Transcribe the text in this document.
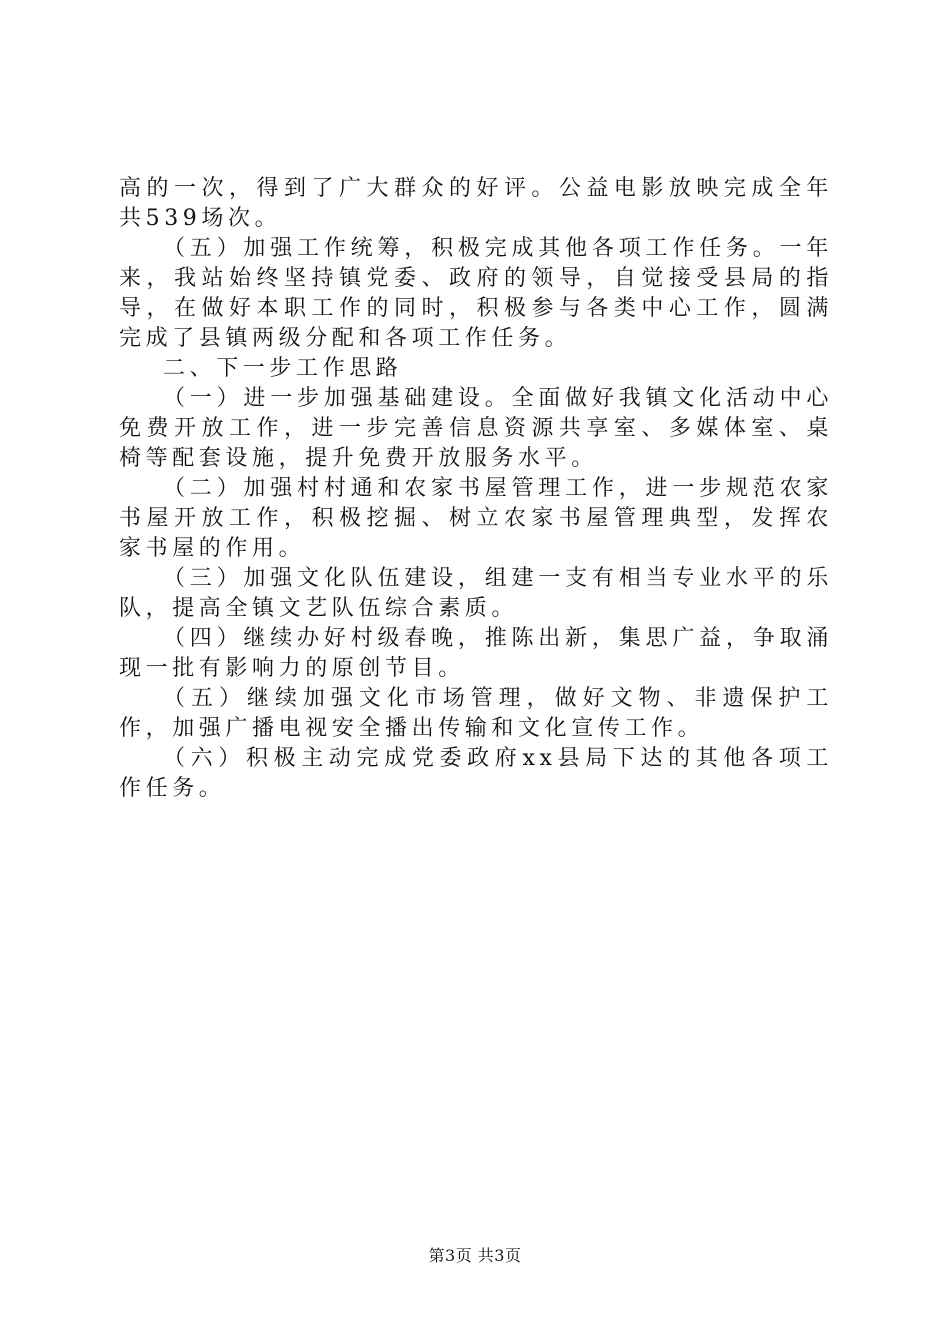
高的一次，得到了广大群众的好评。公益电影放映完成全年共539场次。

（五）加强工作统筹，积极完成其他各项工作任务。一年来，我站始终坚持镇党委、政府的领导，自觉接受县局的指导，在做好本职工作的同时，积极参与各类中心工作，圆满完成了县镇两级分配和各项工作任务。

二、下一步工作思路

（一）进一步加强基础建设。全面做好我镇文化活动中心免费开放工作，进一步完善信息资源共享室、多媒体室、桌椅等配套设施，提升免费开放服务水平。

（二）加强村村通和农家书屋管理工作，进一步规范农家书屋开放工作，积极挖掘、树立农家书屋管理典型，发挥农家书屋的作用。

（三）加强文化队伍建设，组建一支有相当专业水平的乐队，提高全镇文艺队伍综合素质。

（四）继续办好村级春晚，推陈出新，集思广益，争取涌现一批有影响力的原创节目。

（五）继续加强文化市场管理，做好文物、非遗保护工作，加强广播电视安全播出传输和文化宣传工作。

（六）积极主动完成党委政府xx县局下达的其他各项工作任务。

第3页 共3页
